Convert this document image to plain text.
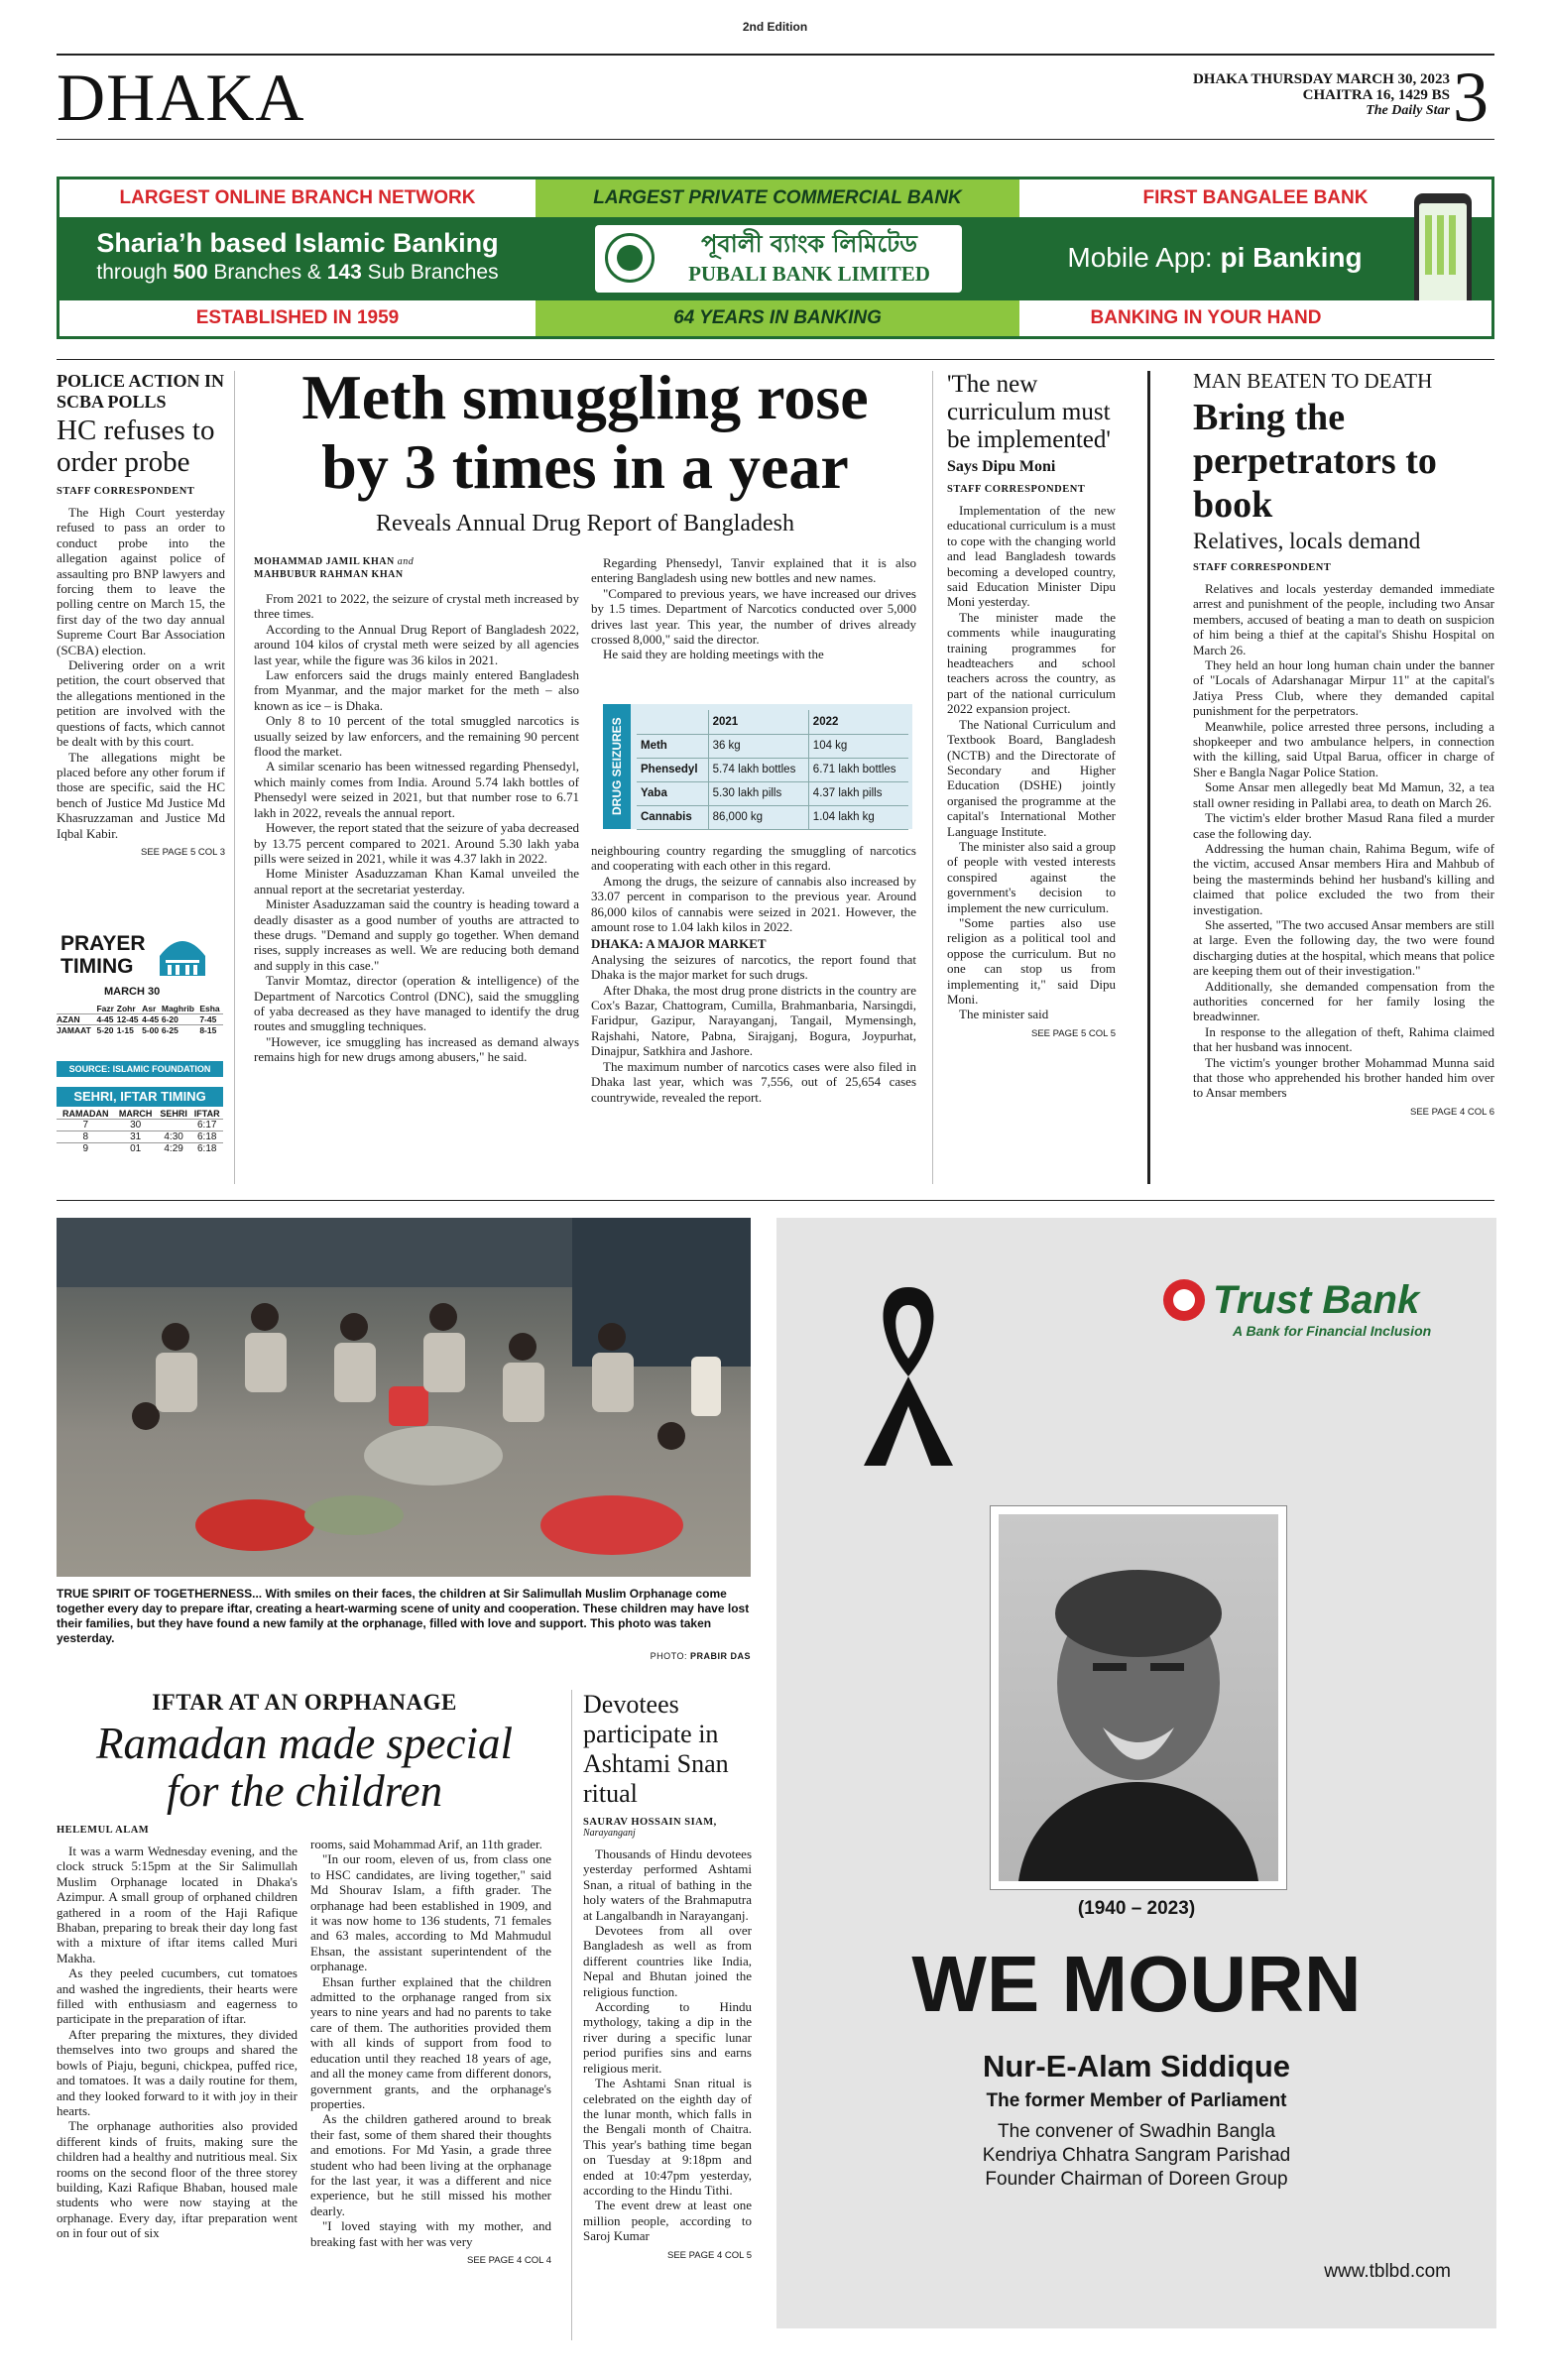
2nd Edition
DHAKA	DHAKA THURSDAY MARCH 30, 2023
CHAITRA 16, 1429 BS
The Daily Star 3
LARGEST ONLINE BRANCH NETWORK	LARGEST PRIVATE COMMERCIAL BANK	FIRST BANGALEE BANK
Sharia’h based Islamic Banking
through 500 Branches & 143 Sub Branches
পূবালী ব্যাংক লিমিটেড
PUBALI BANK LIMITED
Mobile App: pi Banking
ESTABLISHED IN 1959	64 YEARS IN BANKING	BANKING IN YOUR HAND
POLICE ACTION IN SCBA POLLS
HC refuses to order probe
STAFF CORRESPONDENT

The High Court yesterday refused to pass an order to conduct probe into the allegation against police of assaulting pro BNP lawyers and forcing them to leave the polling centre on March 15, the first day of the two day annual Supreme Court Bar Association (SCBA) election.

Delivering order on a writ petition, the court observed that the allegations mentioned in the petition are involved with the questions of facts, which cannot be dealt with by this court.

The allegations might be placed before any other forum if those are specific, said the HC bench of Justice Md Justice Md Khasruzzaman and Justice Md Iqbal Kabir.

SEE PAGE 5 COL 3
PRAYER
TIMING
MARCH 30
	Fazr	Zohr	Asr	Maghrib	Esha
AZAN	4-45	12-45	4-45	6-20	7-45
JAMAAT	5-20	1-15	5-00	6-25	8-15
SOURCE: ISLAMIC FOUNDATION
SEHRI, IFTAR TIMING
RAMADAN	MARCH	SEHRI	IFTAR
7	30		6:17
8	31	4:30	6:18
9	01	4:29	6:18
Meth smuggling rose
by 3 times in a year
Reveals Annual Drug Report of Bangladesh
MOHAMMAD JAMIL KHAN and
MAHBUBUR RAHMAN KHAN

From 2021 to 2022, the seizure of crystal meth increased by three times.

According to the Annual Drug Report of Bangladesh 2022, around 104 kilos of crystal meth were seized by all agencies last year, while the figure was 36 kilos in 2021.

Law enforcers said the drugs mainly entered Bangladesh from Myanmar, and the major market for the meth – also known as ice – is Dhaka.

Only 8 to 10 percent of the total smuggled narcotics is usually seized by law enforcers, and the remaining 90 percent flood the market.

A similar scenario has been witnessed regarding Phensedyl, which mainly comes from India. Around 5.74 lakh bottles of Phensedyl were seized in 2021, but that number rose to 6.71 lakh in 2022, reveals the annual report.

However, the report stated that the seizure of yaba decreased by 13.75 percent compared to 2021. Around 5.30 lakh yaba pills were seized in 2021, while it was 4.37 lakh in 2022.

Home Minister Asaduzzaman Khan Kamal unveiled the annual report at the secretariat yesterday.

Minister Asaduzzaman said the country is heading toward a deadly disaster as a good number of youths are attracted to these drugs. "Demand and supply go together. When demand rises, supply increases as well. We are reducing both demand and supply in this case."

Tanvir Momtaz, director (operation & intelligence) of the Department of Narcotics Control (DNC), said the smuggling of yaba decreased as they have managed to identify the drug routes and smuggling techniques.

"However, ice smuggling has increased as demand always remains high for new drugs among abusers," he said.

Regarding Phensedyl, Tanvir explained that it is also entering Bangladesh using new bottles and new names.

"Compared to previous years, we have increased our drives by 1.5 times. Department of Narcotics conducted over 5,000 drives last year. This year, the number of drives already crossed 8,000," said the director.

He said they are holding meetings with the

DRUG SEIZURES
		2021	2022
Meth	36 kg	104 kg
Phensedyl	5.74 lakh bottles	6.71 lakh bottles
Yaba	5.30 lakh pills	4.37 lakh pills
Cannabis	86,000 kg	1.04 lakh kg

neighbouring country regarding the smuggling of narcotics and cooperating with each other in this regard.

Among the drugs, the seizure of cannabis also increased by 33.07 percent in comparison to the previous year. Around 86,000 kilos of cannabis were seized in 2021. However, the amount rose to 1.04 lakh kilos in 2022.

DHAKA: A MAJOR MARKET

Analysing the seizures of narcotics, the report found that Dhaka is the major market for such drugs.

After Dhaka, the most drug prone districts in the country are Cox's Bazar, Chattogram, Cumilla, Brahmanbaria, Narsingdi, Faridpur, Gazipur, Narayanganj, Tangail, Mymensingh, Rajshahi, Natore, Pabna, Sirajganj, Bogura, Joypurhat, Dinajpur, Satkhira and Jashore.

The maximum number of narcotics cases were also filed in Dhaka last year, which was 7,556, out of 25,654 cases countrywide, revealed the report.

'The new curriculum must be implemented'
Says Dipu Moni
STAFF CORRESPONDENT

Implementation of the new educational curriculum is a must to cope with the changing world and lead Bangladesh towards becoming a developed country, said Education Minister Dipu Moni yesterday.

The minister made the comments while inaugurating training programmes for headteachers and school teachers across the country, as part of the national curriculum 2022 expansion project.

The National Curriculum and Textbook Board, Bangladesh (NCTB) and the Directorate of Secondary and Higher Education (DSHE) jointly organised the programme at the capital's International Mother Language Institute.

The minister also said a group of people with vested interests conspired against the government's decision to implement the new curriculum.

"Some parties also use religion as a political tool and oppose the curriculum. But no one can stop us from implementing it," said Dipu Moni.

The minister said

SEE PAGE 5 COL 5
MAN BEATEN TO DEATH
Bring the perpetrators to book
Relatives, locals demand
STAFF CORRESPONDENT

Relatives and locals yesterday demanded immediate arrest and punishment of the people, including two Ansar members, accused of beating a man to death on suspicion of him being a thief at the capital's Shishu Hospital on March 26.

They held an hour long human chain under the banner of "Locals of Adarshanagar Mirpur 11" at the capital's Jatiya Press Club, where they demanded capital punishment for the perpetrators.

Meanwhile, police arrested three persons, including a shopkeeper and two ambulance helpers, in connection with the killing, said Utpal Barua, officer in charge of Sher e Bangla Nagar Police Station.

Some Ansar men allegedly beat Md Mamun, 32, a tea stall owner residing in Pallabi area, to death on March 26.

The victim's elder brother Masud Rana filed a murder case the following day.

Addressing the human chain, Rahima Begum, wife of the victim, accused Ansar members Hira and Mahbub of being the masterminds behind her husband's killing and claimed that police excluded the two from their investigation.

She asserted, "The two accused Ansar members are still at large. Even the following day, the two were found discharging duties at the hospital, which means that police are keeping them out of their investigation."

Additionally, she demanded compensation from the authorities concerned for her family losing the breadwinner.

In response to the allegation of theft, Rahima claimed that her husband was innocent.

The victim's younger brother Mohammad Munna said that those who apprehended his brother handed him over to Ansar members

SEE PAGE 4 COL 6
TRUE SPIRIT OF TOGETHERNESS... With smiles on their faces, the children at Sir Salimullah Muslim Orphanage come together every day to prepare iftar, creating a heart-warming scene of unity and cooperation. These children may have lost their families, but they have found a new family at the orphanage, filled with love and support. This photo was taken yesterday.
PHOTO: PRABIR DAS
IFTAR AT AN ORPHANAGE
Ramadan made special
for the children
HELEMUL ALAM

It was a warm Wednesday evening, and the clock struck 5:15pm at the Sir Salimullah Muslim Orphanage located in Dhaka's Azimpur. A small group of orphaned children gathered in a room of the Haji Rafique Bhaban, preparing to break their day long fast with a mixture of iftar items called Muri Makha.

As they peeled cucumbers, cut tomatoes and washed the ingredients, their hearts were filled with enthusiasm and eagerness to participate in the preparation of iftar.

After preparing the mixtures, they divided themselves into two groups and shared the bowls of Piaju, beguni, chickpea, puffed rice, and tomatoes. It was a daily routine for them, and they looked forward to it with joy in their hearts.

The orphanage authorities also provided different kinds of fruits, making sure the children had a healthy and nutritious meal. Six rooms on the second floor of the three storey building, Kazi Rafique Bhaban, housed male students who were now staying at the orphanage. Every day, iftar preparation went on in four out of six

rooms, said Mohammad Arif, an 11th grader.

"In our room, eleven of us, from class one to HSC candidates, are living together," said Md Shourav Islam, a fifth grader. The orphanage had been established in 1909, and it was now home to 136 students, 71 females and 63 males, according to Md Mahmudul Ehsan, the assistant superintendent of the orphanage.

Ehsan further explained that the children admitted to the orphanage ranged from six years to nine years and had no parents to take care of them. The authorities provided them with all kinds of support from food to education until they reached 18 years of age, and all the money came from different donors, government grants, and the orphanage's properties.

As the children gathered around to break their fast, some of them shared their thoughts and emotions. For Md Yasin, a grade three student who had been living at the orphanage for the last year, it was a different and nice experience, but he still missed his mother dearly.

"I loved staying with my mother, and breaking fast with her was very

SEE PAGE 4 COL 4
Devotees participate in Ashtami Snan ritual
SAURAV HOSSAIN SIAM,
Narayanganj

Thousands of Hindu devotees yesterday performed Ashtami Snan, a ritual of bathing in the holy waters of the Brahmaputra at Langalbandh in Narayanganj.

Devotees from all over Bangladesh as well as from different countries like India, Nepal and Bhutan joined the religious function.

According to Hindu mythology, taking a dip in the river during a specific lunar period purifies sins and earns religious merit.

The Ashtami Snan ritual is celebrated on the eighth day of the lunar month, which falls in the Bengali month of Chaitra. This year's bathing time began on Tuesday at 9:18pm and ended at 10:47pm yesterday, according to the Hindu Tithi.

The event drew at least one million people, according to Saroj Kumar

SEE PAGE 4 COL 5
Trust Bank
A Bank for Financial Inclusion
(1940 – 2023)
WE MOURN
Nur-E-Alam Siddique
The former Member of Parliament
The convener of Swadhin Bangla
Kendriya Chhatra Sangram Parishad
Founder Chairman of Doreen Group
www.tblbd.com
